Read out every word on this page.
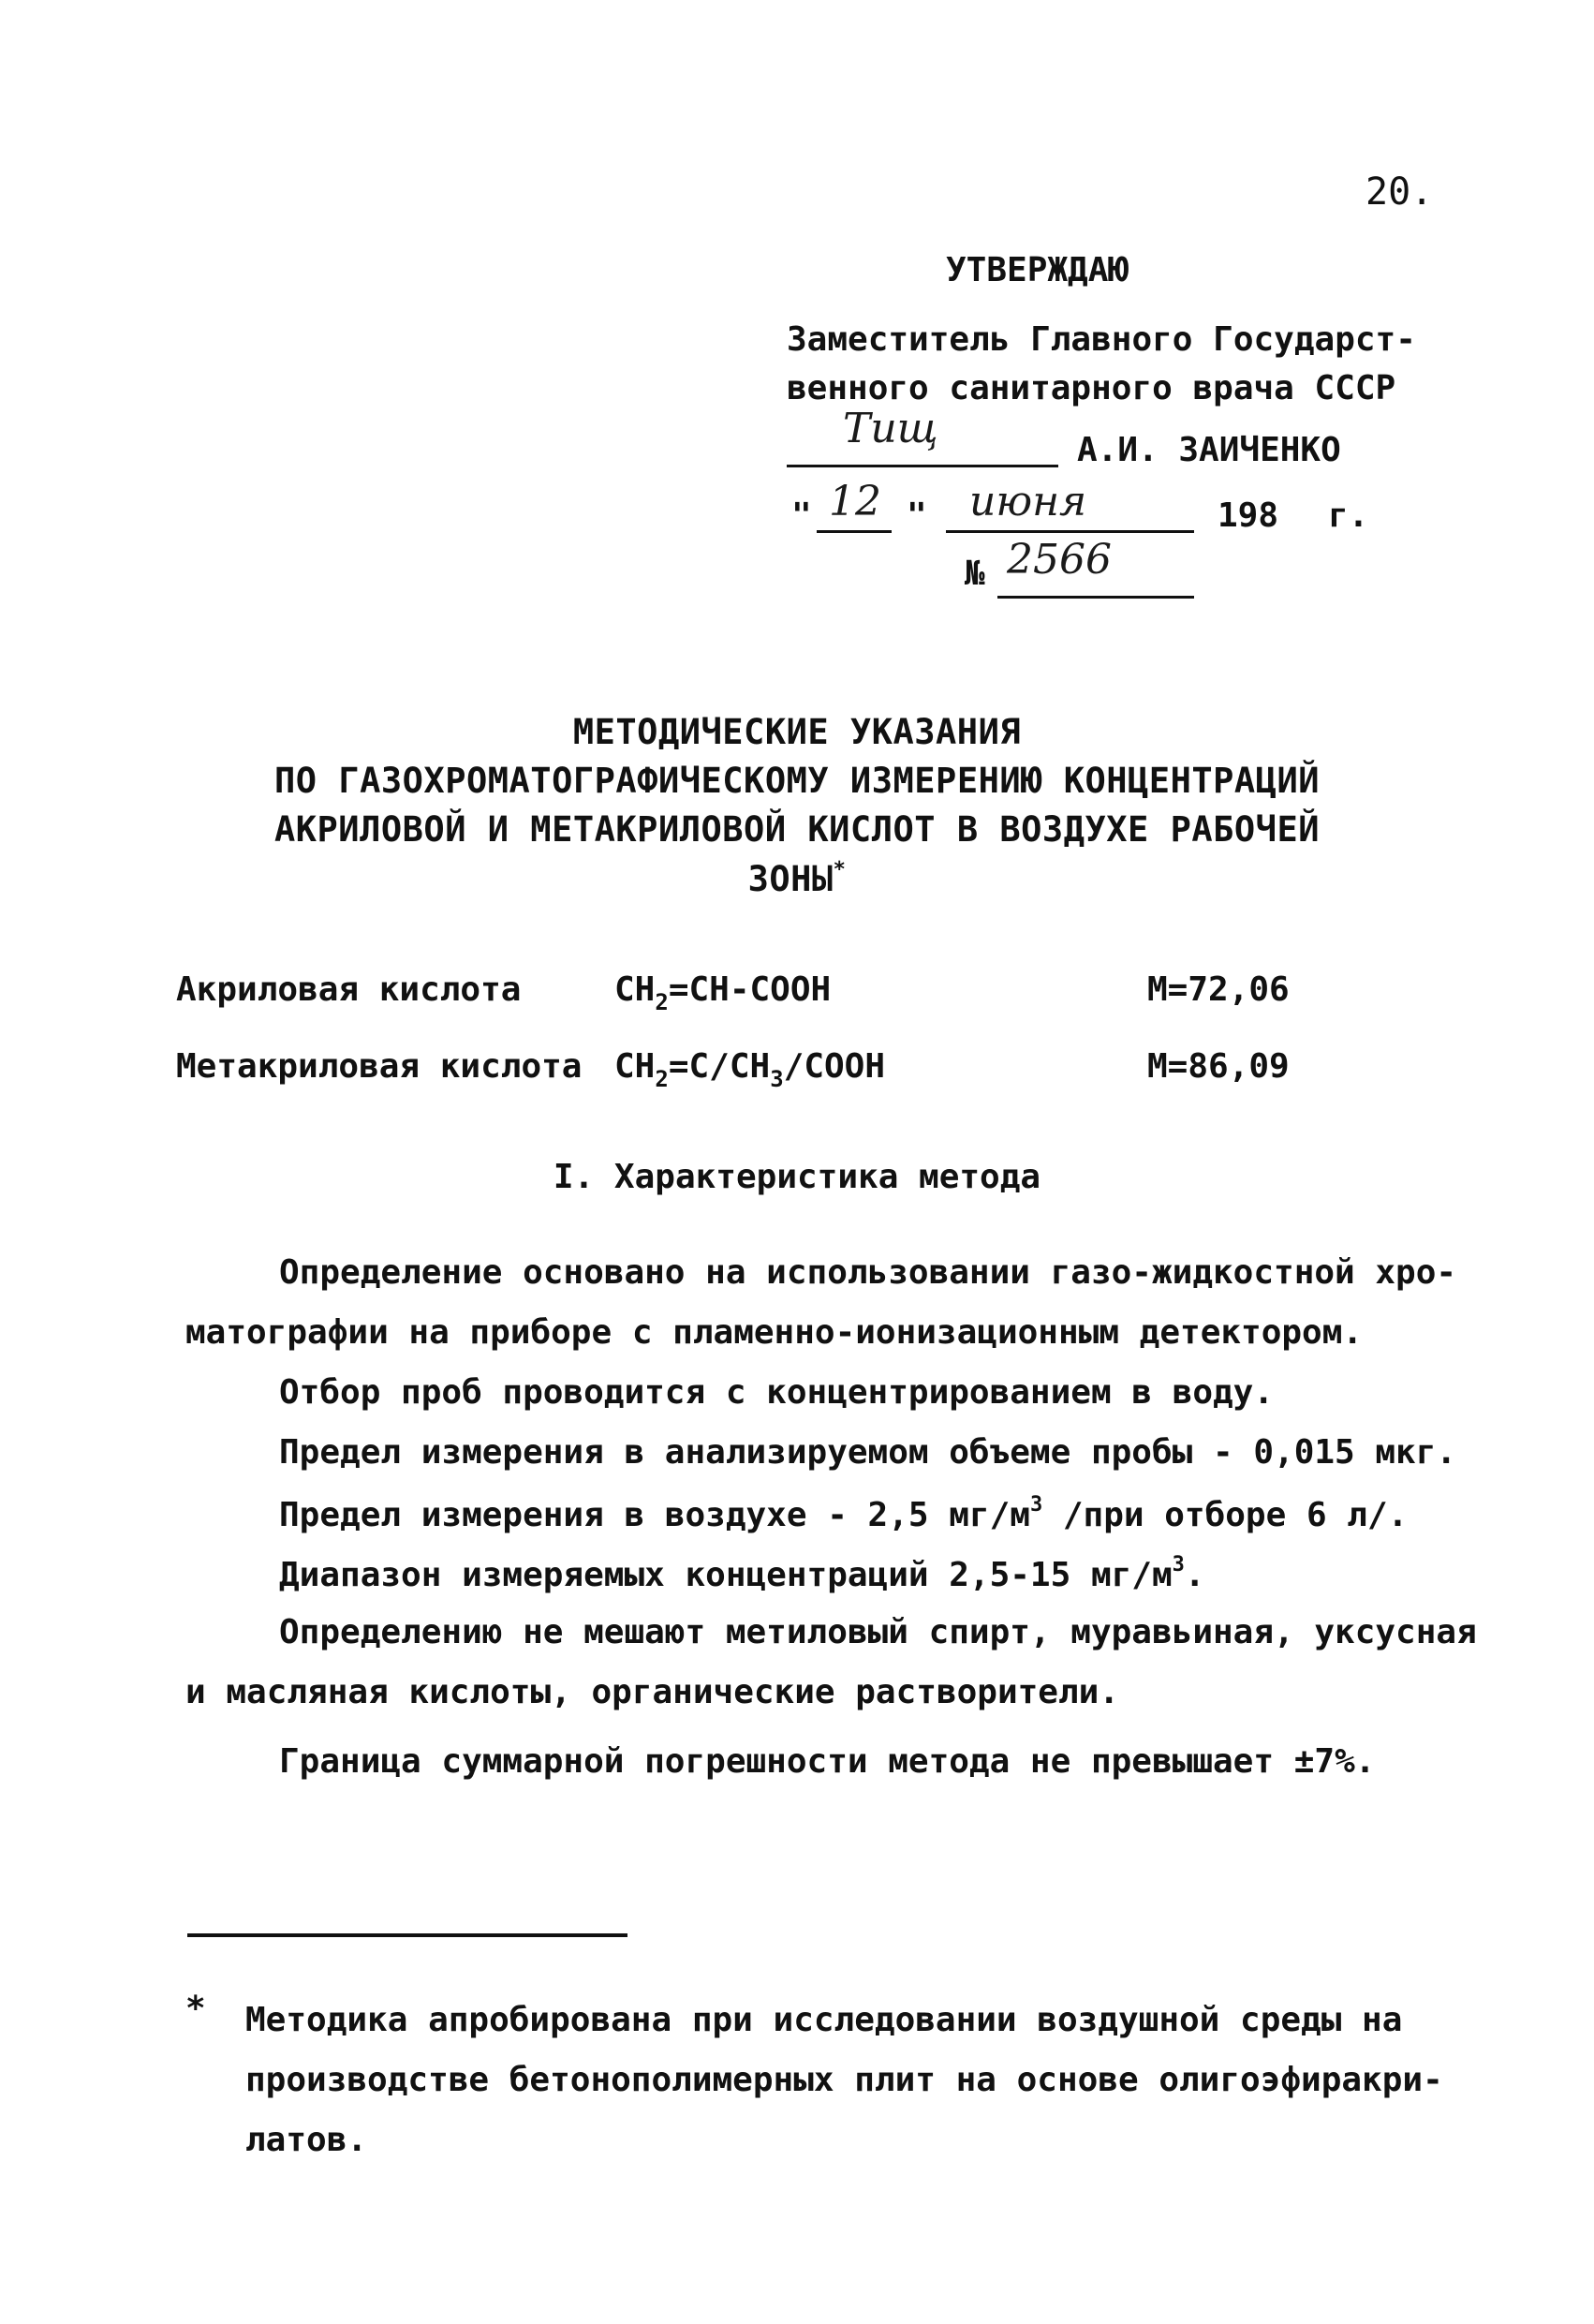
20.
УТВЕРЖДАЮ
Заместитель Главного Государст-
венного санитарного врача СССР
Тищ	А.И. ЗАИЧЕНКО
" 12 " июня	198 г.
№ 2566
МЕТОДИЧЕСКИЕ УКАЗАНИЯ
ПО ГАЗОХРОМАТОГРАФИЧЕСКОМУ ИЗМЕРЕНИЮ КОНЦЕНТРАЦИЙ
АКРИЛОВОЙ И МЕТАКРИЛОВОЙ КИСЛОТ В ВОЗДУХЕ РАБОЧЕЙ
ЗОНЫ*
Акриловая кислота	$CH_2=CH$-COOH	M=72,06
Метакриловая кислота $CH_2=C/CH_3$/COOH	M=86,09
I. Характеристика метода
Определение основано на использовании газо-жидкостной хро-
матографии на приборе с пламенно-ионизационным детектором.
Отбор проб проводится с концентрированием в воду.
Предел измерения в анализируемом объеме пробы - 0,015 мкг.
Предел измерения в воздухе - 2,5 $мг/м^3$ /при отборе 6 л/.
Диапазон измеряемых концентраций 2,5-15 $мг/м^3$.
Определению не мешают метиловый спирт, муравьиная, уксусная
и масляная кислоты, органические растворители.
Граница суммарной погрешности метода не превышает ±7%.
* Методика апробирована при исследовании воздушной среды на
производстве бетонополимерных плит на основе олигоэфиракри-
латов.
